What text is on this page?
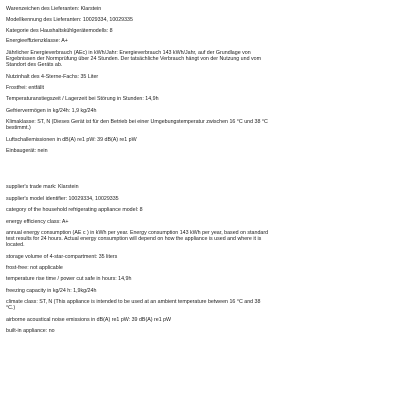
Warenzeichen des Lieferanten: Klarstein

Modellkennung des Lieferanten: 10029334, 10029335

Kategorie des Haushaltskühlgerätemodells: 8

Energieeffizienzklasse: A+

Jährlicher Energieverbrauch (AEc) in kWh/Jahr: Energieverbrauch 143 kWh/Jahr, auf der Grundlage von

Ergebnissen der Normprüfung über 24 Stunden. Der tatsächliche Verbrauch hängt von der Nutzung und vom

Standort des Geräts ab.

Nutzinhalt des 4-Sterne-Fachs: 35 Liter

Frostfrei: entfällt

Temperaturanstiegszeit / Lagerzeit bei Störung in Stunden: 14,9h

Gefriervermögen in kg/24h: 1,9 kg/24h

Klimaklasse: ST, N (Dieses Gerät ist für den Betrieb bei einer Umgebungstemperatur zwischen 16 °C und 38 °C

bestimmt.)

Luftschallemissionen in dB(A) re1 pW: 39 dB(A) re1 pW

Einbaugerät: nein

supplier's trade mark: Klarstein

supplier's model identifier: 10029334, 10029335

category of the household refrigerating appliance model: 8

energy efficiency class: A+

annual energy consumption (AE c ) in kWh per year. Energy consumption 143 kWh per year, based on standard

test results for 24 hours. Actual energy consumption will depend on how the appliance is used and where it is

located.

storage volume of 4-star-compartment: 35 liters

frost-free: not applicable

temperature rise time / power cut safe in hours: 14,9h

freezing capacity in kg/24 h: 1,9kg/24h

climate class: ST, N (This appliance is intended to be used at an ambient temperature between 16 °C and 38

°C.)

airborne acoustical noise emissions in dB(A) re1 pW: 39 dB(A) re1 pW

built-in appliance: no
